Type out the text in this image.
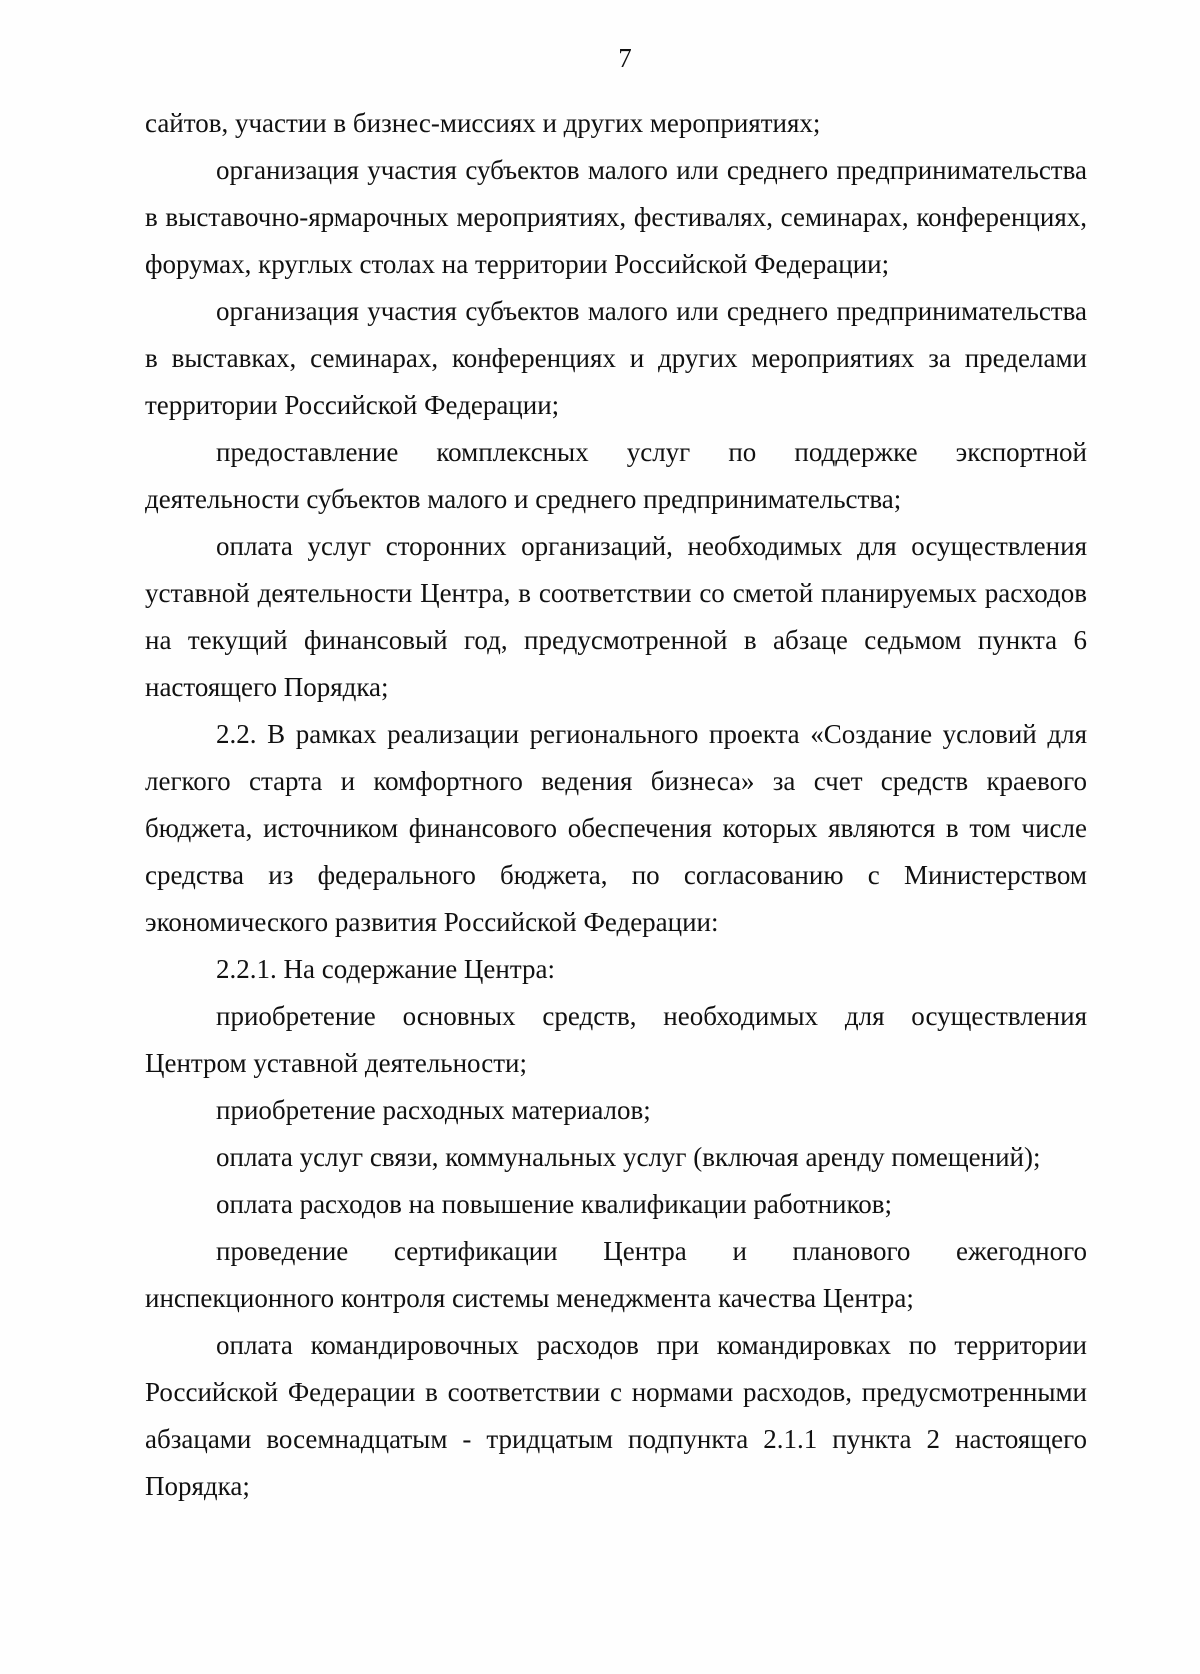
7

сайтов, участии в бизнес-миссиях и других мероприятиях;

организация участия субъектов малого или среднего предпринимательства в выставочно-ярмарочных мероприятиях, фестивалях, семинарах, конференциях, форумах, круглых столах на территории Российской Федерации;

организация участия субъектов малого или среднего предпринимательства в выставках, семинарах, конференциях и других мероприятиях за пределами территории Российской Федерации;

предоставление комплексных услуг по поддержке экспортной деятельности субъектов малого и среднего предпринимательства;

оплата услуг сторонних организаций, необходимых для осуществления уставной деятельности Центра, в соответствии со сметой планируемых расходов на текущий финансовый год, предусмотренной в абзаце седьмом пункта 6 настоящего Порядка;

2.2. В рамках реализации регионального проекта «Создание условий для легкого старта и комфортного ведения бизнеса» за счет средств краевого бюджета, источником финансового обеспечения которых являются в том числе средства из федерального бюджета, по согласованию с Министерством экономического развития Российской Федерации:

2.2.1. На содержание Центра:

приобретение основных средств, необходимых для осуществления Центром уставной деятельности;

приобретение расходных материалов;

оплата услуг связи, коммунальных услуг (включая аренду помещений);

оплата расходов на повышение квалификации работников;

проведение сертификации Центра и планового ежегодного инспекционного контроля системы менеджмента качества Центра;

оплата командировочных расходов при командировках по территории Российской Федерации в соответствии с нормами расходов, предусмотренными абзацами восемнадцатым - тридцатым подпункта 2.1.1 пункта 2 настоящего Порядка;
